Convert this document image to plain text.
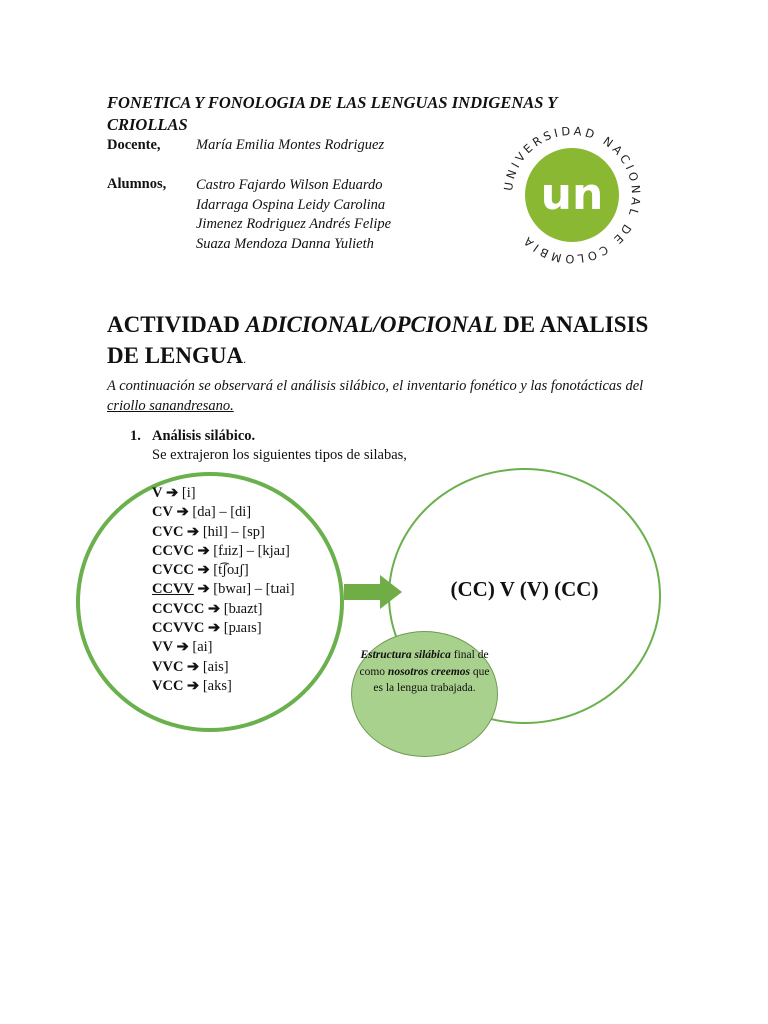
FONETICA Y FONOLOGIA DE LAS LENGUAS INDIGENAS Y CRIOLLAS
Docente, María Emilia Montes Rodriguez
Alumnos, Castro Fajardo Wilson Eduardo
Idarraga Ospina Leidy Carolina
Jimenez Rodriguez Andrés Felipe
Suaza Mendoza Danna Yulieth
un
UNIVERSIDAD NACIONAL DE COLOMBIA
ACTIVIDAD ADICIONAL/OPCIONAL DE ANALISIS DE LENGUA.
A continuación se observará el análisis silábico, el inventario fonético y las fonotácticas del criollo sanandresano.
1. Análisis silábico.
Se extrajeron los siguientes tipos de silabas,
V ➔ [i]
CV ➔ [da] – [di]
CVC ➔ [hil] – [sp]
CCVC ➔ [fɹiz] – [kjaɹ]
CVCC ➔ [t͡ʃoɹʃ]
CCVV ➔ [bwaɪ] – [tɹai]
CCVCC ➔ [bɹazt]
CCVVC ➔ [pɹaɪs]
VV ➔ [ai]
VVC ➔ [ais]
VCC ➔ [aks]
(CC) V (V) (CC)
Estructura silábica final de como nosotros creemos que es la lengua trabajada.
